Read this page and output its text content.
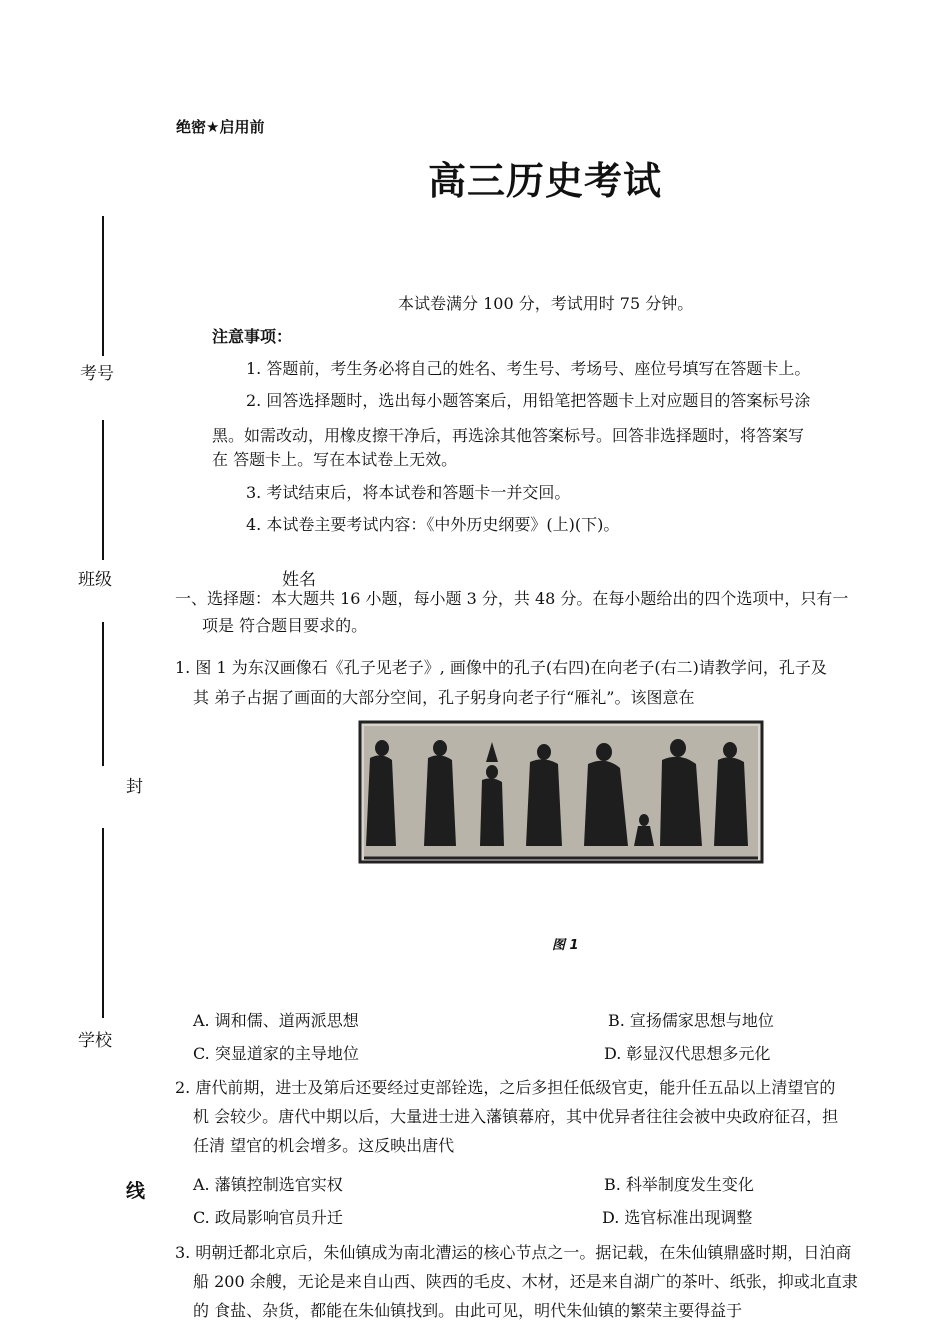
考号
班级	姓名
封
学校
线
绝密★启用前
高三历史考试
本试卷满分 100 分，考试用时 75 分钟。
注意事项：
1. 答题前，考生务必将自己的姓名、考生号、考场号、座位号填写在答题卡上。
2. 回答选择题时，选出每小题答案后，用铅笔把答题卡上对应题目的答案标号涂
黑。如需改动，用橡皮擦干净后，再选涂其他答案标号。回答非选择题时，将答案写
在 答题卡上。写在本试卷上无效。
3. 考试结束后，将本试卷和答题卡一并交回。
4. 本试卷主要考试内容：《中外历史纲要》(上)(下)。
一、选择题：本大题共 16 小题，每小题 3 分，共 48 分。在每小题给出的四个选项中，只有一
项是 符合题目要求的。
1. 图 1 为东汉画像石《孔子见老子》, 画像中的孔子(右四)在向老子(右二)请教学问，孔子及
其 弟子占据了画面的大部分空间，孔子躬身向老子行“雁礼”。该图意在
图 1
A. 调和儒、道两派思想	B. 宣扬儒家思想与地位
C. 突显道家的主导地位	D. 彰显汉代思想多元化
2. 唐代前期，进士及第后还要经过吏部铨选，之后多担任低级官吏，能升任五品以上清望官的
机 会较少。唐代中期以后，大量进士进入藩镇幕府，其中优异者往往会被中央政府征召，担
任清 望官的机会增多。这反映出唐代
A. 藩镇控制选官实权	B. 科举制度发生变化
C. 政局影响官员升迁	D. 选官标准出现调整
3. 明朝迁都北京后，朱仙镇成为南北漕运的核心节点之一。据记载，在朱仙镇鼎盛时期，日泊商
船 200 余艘，无论是来自山西、陕西的毛皮、木材，还是来自湖广的茶叶、纸张，抑或北直隶
的 食盐、杂货，都能在朱仙镇找到。由此可见，明代朱仙镇的繁荣主要得益于
